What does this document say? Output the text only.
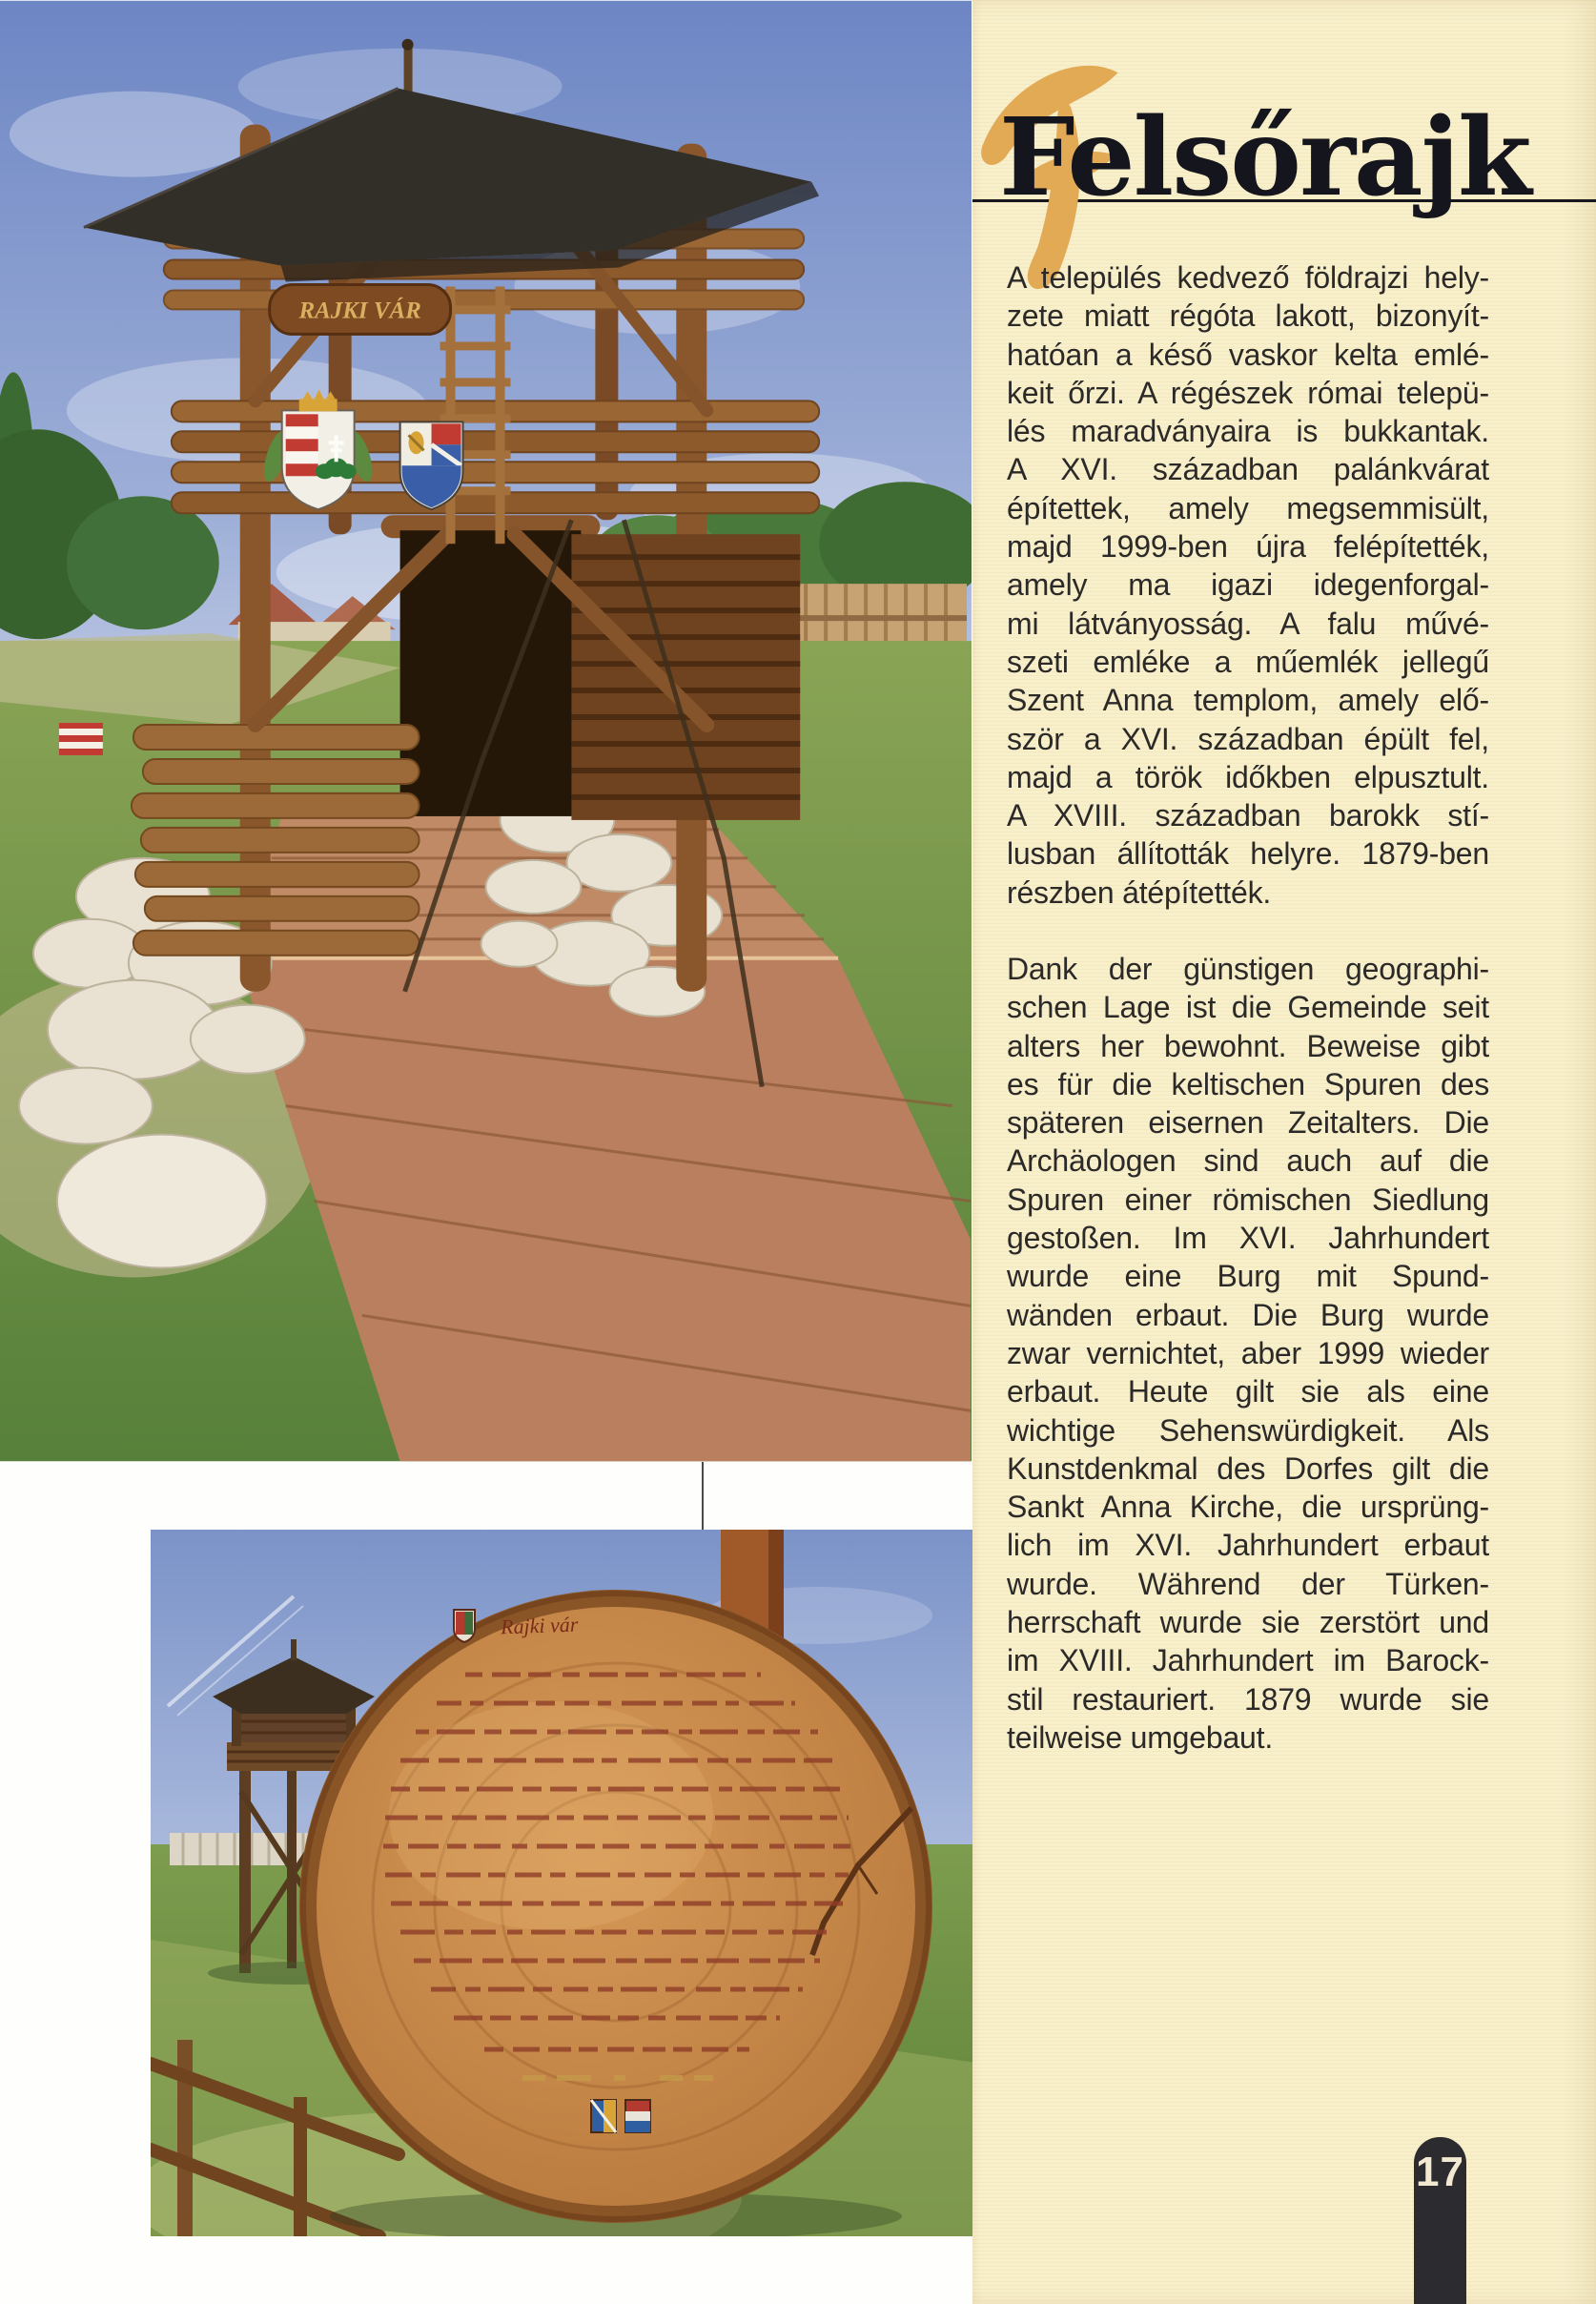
RAJKI VÁR
Rajki vár
Felsőrajk
A település kedvező földrajzi hely-
zete miatt régóta lakott, bizonyít-
hatóan a késő vaskor kelta emlé-
keit őrzi. A régészek római telepü-
lés maradványaira is bukkantak.
A XVI. században palánkvárat
építettek, amely megsemmisült,
majd 1999-ben újra felépítették,
amely ma igazi idegenforgal-
mi látványosság. A falu művé-
szeti emléke a műemlék jellegű
Szent Anna templom, amely elő-
ször a XVI. században épült fel,
majd a török időkben elpusztult.
A XVIII. században barokk stí-
lusban állították helyre. 1879-ben
részben átépítették.
Dank der günstigen geographi-
schen Lage ist die Gemeinde seit
alters her bewohnt. Beweise gibt
es für die keltischen Spuren des
späteren eisernen Zeitalters. Die
Archäologen sind auch auf die
Spuren einer römischen Siedlung
gestoßen. Im XVI. Jahrhundert
wurde eine Burg mit Spund-
wänden erbaut. Die Burg wurde
zwar vernichtet, aber 1999 wieder
erbaut. Heute gilt sie als eine
wichtige Sehenswürdigkeit. Als
Kunstdenkmal des Dorfes gilt die
Sankt Anna Kirche, die ursprüng-
lich im XVI. Jahrhundert erbaut
wurde. Während der Türken-
herrschaft wurde sie zerstört und
im XVIII. Jahrhundert im Barock-
stil restauriert. 1879 wurde sie
teilweise umgebaut.
17
